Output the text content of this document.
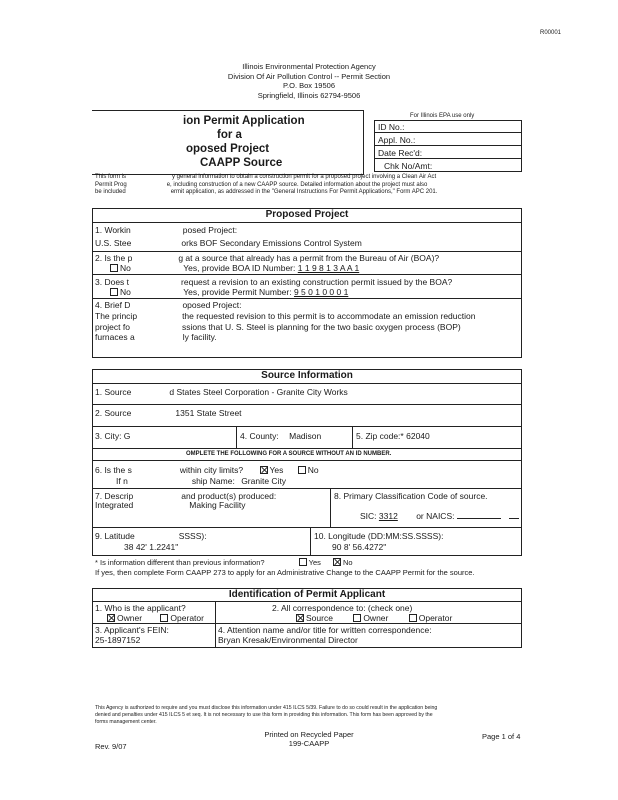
R00001
Illinois Environmental Protection Agency
Division Of Air Pollution Control -- Permit Section
P.O. Box 19506
Springfield, Illinois 62794-9506
ion Permit Application
for a
oposed Project
CAAPP Source
For Illinois EPA use only
ID No.:
Appl. No.:
Date Rec'd:
Chk No/Amt:
This form is	y general information to obtain a construction permit for a proposed project involving a Clean Air Act
Permit Prog	e, including construction of a new CAAPP source. Detailed information about the project must also
be included	ermit application, as addressed in the "General Instructions For Permit Applications," Form APC 201.
Proposed Project
1. Workin	posed Project:
U.S. Stee	orks BOF Secondary Emissions Control System
2. Is the p	g at a source that already has a permit from the Bureau of Air (BOA)?
No	Yes, provide BOA ID Number: 1 1 9 8 1 3 A A 1
3. Does t	request a revision to an existing construction permit issued by the BOA?
No	Yes, provide Permit Number: 9 5 0 1 0 0 0 1
4. Brief D	oposed Project:
The princip	the requested revision to this permit is to accommodate an emission reduction
project fo	ssions that U. S. Steel is planning for the two basic oxygen process (BOP)
furnaces a	ly facility.
Source Information
1. Source	d States Steel Corporation - Granite City Works
2. Source	1351 State Street
3. City: G	4. County: Madison	5. Zip code:* 62040
OMPLETE THE FOLLOWING FOR A SOURCE WITHOUT AN ID NUMBER.
6. Is the s	within city limits?	Yes	No
If n	ship Name: Granite City
7. Descrip	and product(s) produced:
Integrated	Making Facility
8. Primary Classification Code of source.
SIC: 3312 or NAICS:
9. Latitude	SSSS):
38 42' 1.2241"
10. Longitude (DD:MM:SS.SSSS):
90 8' 56.4272"
* Is information different than previous information?	Yes	No
If yes, then complete Form CAAPP 273 to apply for an Administrative Change to the CAAPP Permit for the source.
Identification of Permit Applicant
1. Who is the applicant?
Owner	Operator
2. All correspondence to: (check one)
Source	Owner	Operator
3. Applicant's FEIN:
25-1897152
4. Attention name and/or title for written correspondence:
Bryan Kresak/Environmental Director
This Agency is authorized to require and you must disclose this information under 415 ILCS 5/39. Failure to do so could result in the application being
denied and penalties under 415 ILCS 5 et seq. It is not necessary to use this form in providing this information. This form has been approved by the
forms management center.
Rev. 9/07
Printed on Recycled Paper
199-CAAPP
Page 1 of 4
